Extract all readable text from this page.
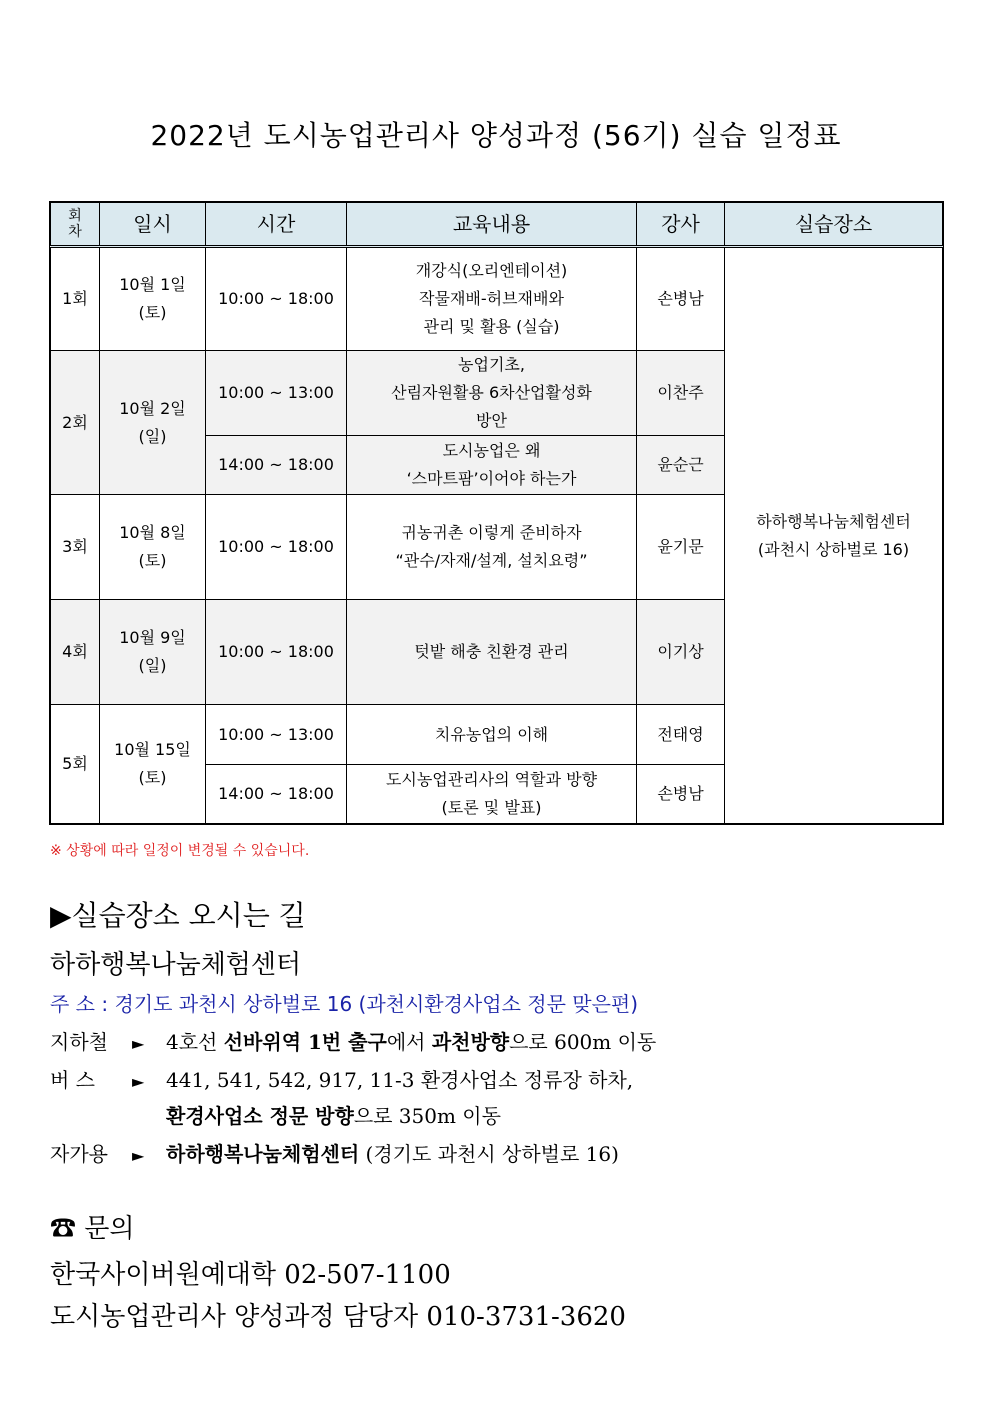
2022년 도시농업관리사 양성과정 (56기) 실습 일정표
회
차	일시	시간	교육내용	강사	실습장소
1회	10월 1일
(토)	10:00 ~ 18:00	개강식(오리엔테이션)
작물재배-허브재배와
관리 및 활용 (실습)	손병남	하하행복나눔체험센터
(과천시 상하벌로 16)

2회	10월 2일
(일)	10:00 ~ 13:00	농업기초,
산림자원활용 6차산업활성화
방안	이찬주	
		14:00 ~ 18:00	도시농업은 왜
‘스마트팜’이어야 하는가	윤순근	
3회	10월 8일
(토)	10:00 ~ 18:00	귀농귀촌 이렇게 준비하자
“관수/자재/설계, 설치요령”	윤기문	
4회	10월 9일
(일)	10:00 ~ 18:00	텃밭 해충 친환경 관리	이기상	
5회	10월 15일
(토)	10:00 ~ 13:00	치유농업의 이해	전태영	
		14:00 ~ 18:00	도시농업관리사의 역할과 방향
(토론 및 발표)	손병남	
※ 상황에 따라 일정이 변경될 수 있습니다.
▶실습장소 오시는 길
하하행복나눔체험센터
주 소 : 경기도 과천시 상하벌로 16 (과천시환경사업소 정문 맞은편)
지하철 ► 4호선 선바위역 1번 출구에서 과천방향으로 600m 이동
버 스 ► 441, 541, 542, 917, 11-3 환경사업소 정류장 하차,
환경사업소 정문 방향으로 350m 이동
자가용 ► 하하행복나눔체험센터 (경기도 과천시 상하벌로 16)
☎ 문의
한국사이버원예대학 02-507-1100
도시농업관리사 양성과정 담당자 010-3731-3620
